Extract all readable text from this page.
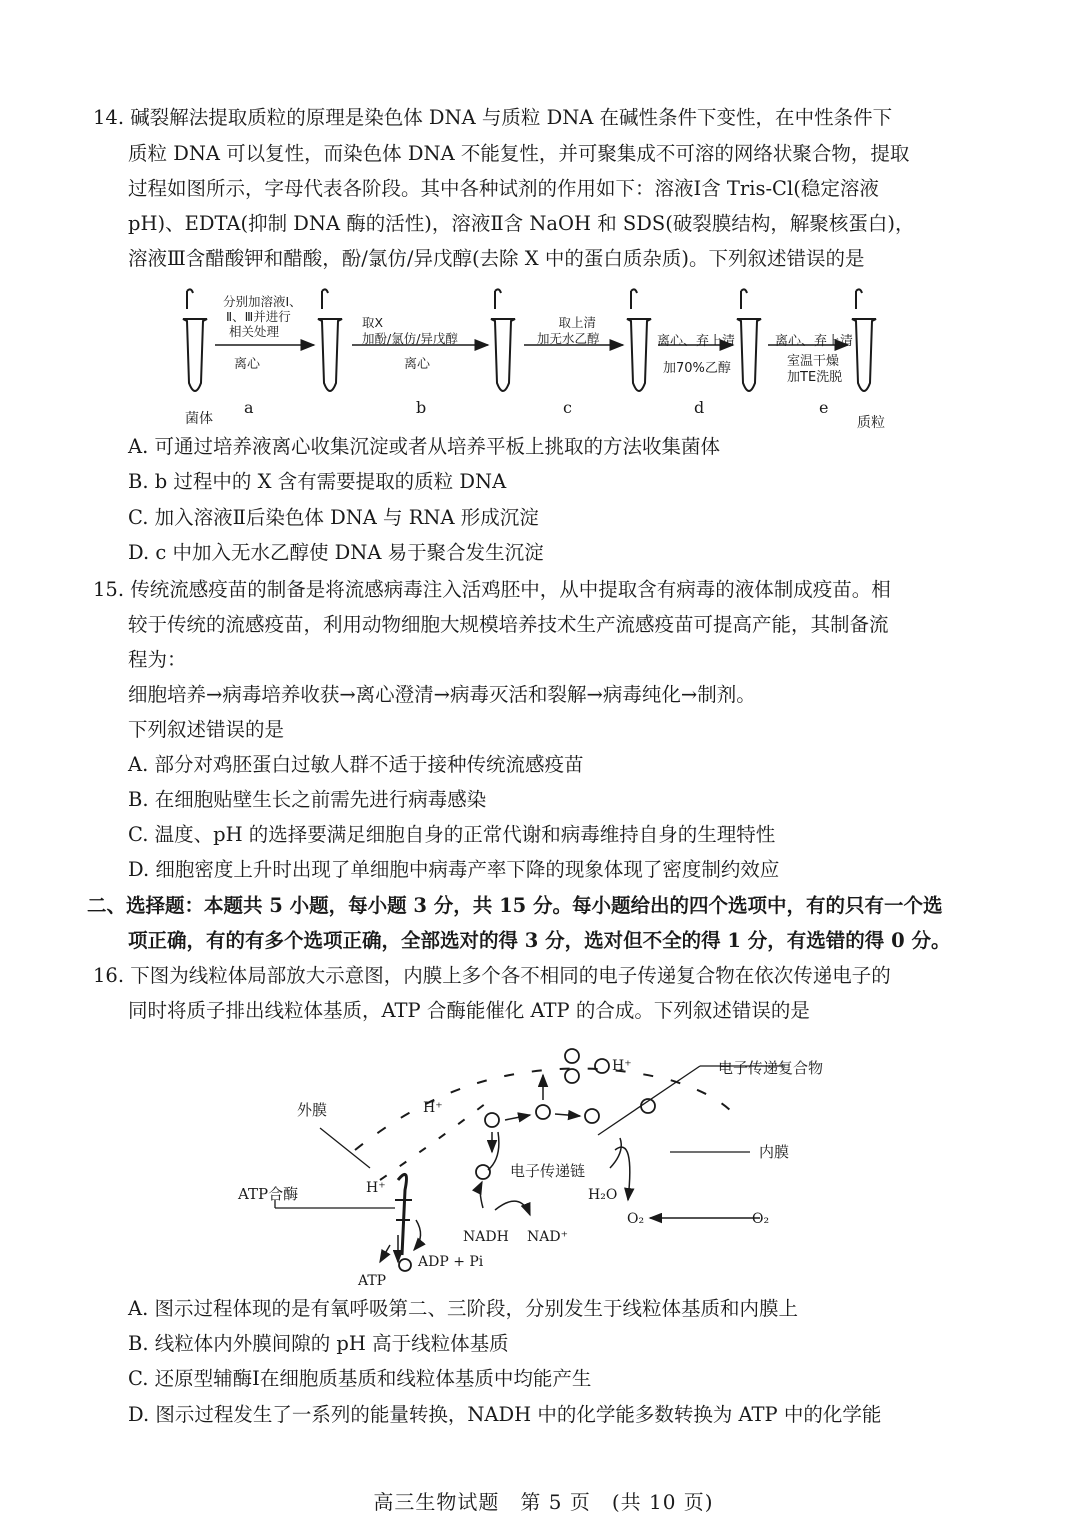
14. 碱裂解法提取质粒的原理是染色体 DNA 与质粒 DNA 在碱性条件下变性，在中性条件下
质粒 DNA 可以复性，而染色体 DNA 不能复性，并可聚集成不可溶的网络状聚合物，提取
过程如图所示，字母代表各阶段。其中各种试剂的作用如下：溶液Ⅰ含 Tris-Cl(稳定溶液
pH)、EDTA(抑制 DNA 酶的活性)，溶液Ⅱ含 NaOH 和 SDS(破裂膜结构，解聚核蛋白)，
溶液Ⅲ含醋酸钾和醋酸，酚/氯仿/异戊醇(去除 X 中的蛋白质杂质)。下列叙述错误的是
分别加溶液Ⅰ、
Ⅱ、Ⅲ并进行
相关处理
离心
取X
加酚/氯仿/异戊醇
离心
取上清
加无水乙醇	离心、弃上清
加70%乙醇
离心、弃上清
室温干燥
加TE洗脱
菌体
a	b	c	d	e
质粒
A. 可通过培养液离心收集沉淀或者从培养平板上挑取的方法收集菌体
B. b 过程中的 X 含有需要提取的质粒 DNA
C. 加入溶液Ⅱ后染色体 DNA 与 RNA 形成沉淀
D. c 中加入无水乙醇使 DNA 易于聚合发生沉淀
15. 传统流感疫苗的制备是将流感病毒注入活鸡胚中，从中提取含有病毒的液体制成疫苗。相
较于传统的流感疫苗，利用动物细胞大规模培养技术生产流感疫苗可提高产能，其制备流
程为：
细胞培养→病毒培养收获→离心澄清→病毒灭活和裂解→病毒纯化→制剂。
下列叙述错误的是
A. 部分对鸡胚蛋白过敏人群不适于接种传统流感疫苗
B. 在细胞贴壁生长之前需先进行病毒感染
C. 温度、pH 的选择要满足细胞自身的正常代谢和病毒维持自身的生理特性
D. 细胞密度上升时出现了单细胞中病毒产率下降的现象体现了密度制约效应
二、选择题：本题共 5 小题，每小题 3 分，共 15 分。每小题给出的四个选项中，有的只有一个选
项正确，有的有多个选项正确，全部选对的得 3 分，选对但不全的得 1 分，有选错的得 0 分。
16. 下图为线粒体局部放大示意图，内膜上多个各不相同的电子传递复合物在依次传递电子的
同时将质子排出线粒体基质，ATP 合酶能催化 ATP 的合成。下列叙述错误的是
外膜
内膜
ATP合酶
电子传递复合物
电子传递链
H⁺
H⁺
H⁺
H₂O
O₂	O₂
NADH NAD⁺
ATP
ADP + Pi
A. 图示过程体现的是有氧呼吸第二、三阶段，分别发生于线粒体基质和内膜上
B. 线粒体内外膜间隙的 pH 高于线粒体基质
C. 还原型辅酶Ⅰ在细胞质基质和线粒体基质中均能产生
D. 图示过程发生了一系列的能量转换，NADH 中的化学能多数转换为 ATP 中的化学能
高三生物试题　第 5 页　(共 10 页)
